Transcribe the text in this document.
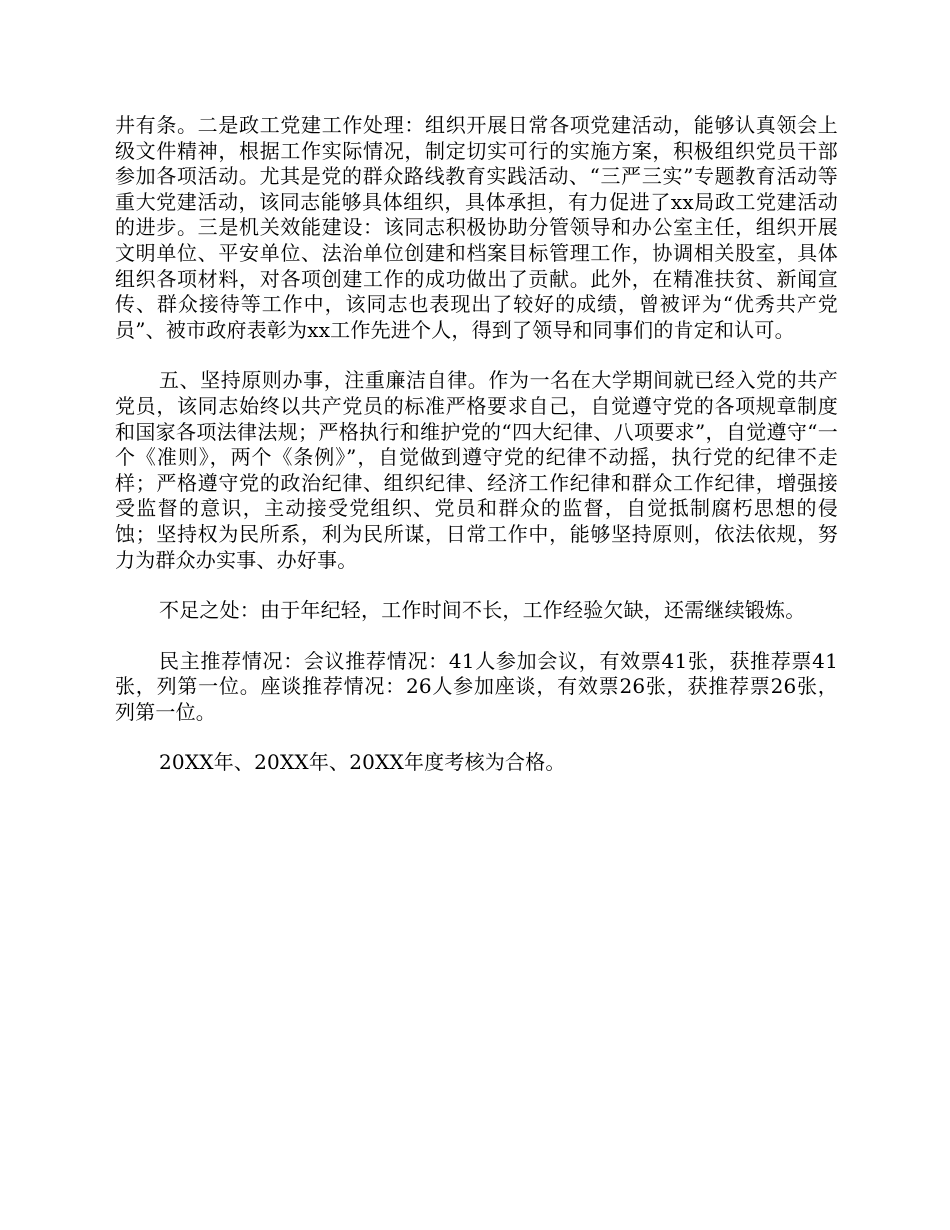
井有条。二是政工党建工作处理：组织开展日常各项党建活动，能够认真领会上级文件精神，根据工作实际情况，制定切实可行的实施方案，积极组织党员干部参加各项活动。尤其是党的群众路线教育实践活动、“三严三实”专题教育活动等重大党建活动，该同志能够具体组织，具体承担，有力促进了xx局政工党建活动的进步。三是机关效能建设：该同志积极协助分管领导和办公室主任，组织开展文明单位、平安单位、法治单位创建和档案目标管理工作，协调相关股室，具体组织各项材料，对各项创建工作的成功做出了贡献。此外，在精准扶贫、新闻宣传、群众接待等工作中，该同志也表现出了较好的成绩，曾被评为“优秀共产党员”、被市政府表彰为xx工作先进个人，得到了领导和同事们的肯定和认可。

五、坚持原则办事，注重廉洁自律。作为一名在大学期间就已经入党的共产党员，该同志始终以共产党员的标准严格要求自己，自觉遵守党的各项规章制度和国家各项法律法规；严格执行和维护党的“四大纪律、八项要求”，自觉遵守“一个《准则》，两个《条例》”，自觉做到遵守党的纪律不动摇，执行党的纪律不走样；严格遵守党的政治纪律、组织纪律、经济工作纪律和群众工作纪律，增强接受监督的意识，主动接受党组织、党员和群众的监督，自觉抵制腐朽思想的侵蚀；坚持权为民所系，利为民所谋，日常工作中，能够坚持原则，依法依规，努力为群众办实事、办好事。

不足之处：由于年纪轻，工作时间不长，工作经验欠缺，还需继续锻炼。

民主推荐情况：会议推荐情况：41人参加会议，有效票41张，获推荐票41张，列第一位。座谈推荐情况：26人参加座谈，有效票26张，获推荐票26张，列第一位。

20XX年、20XX年、20XX年度考核为合格。
